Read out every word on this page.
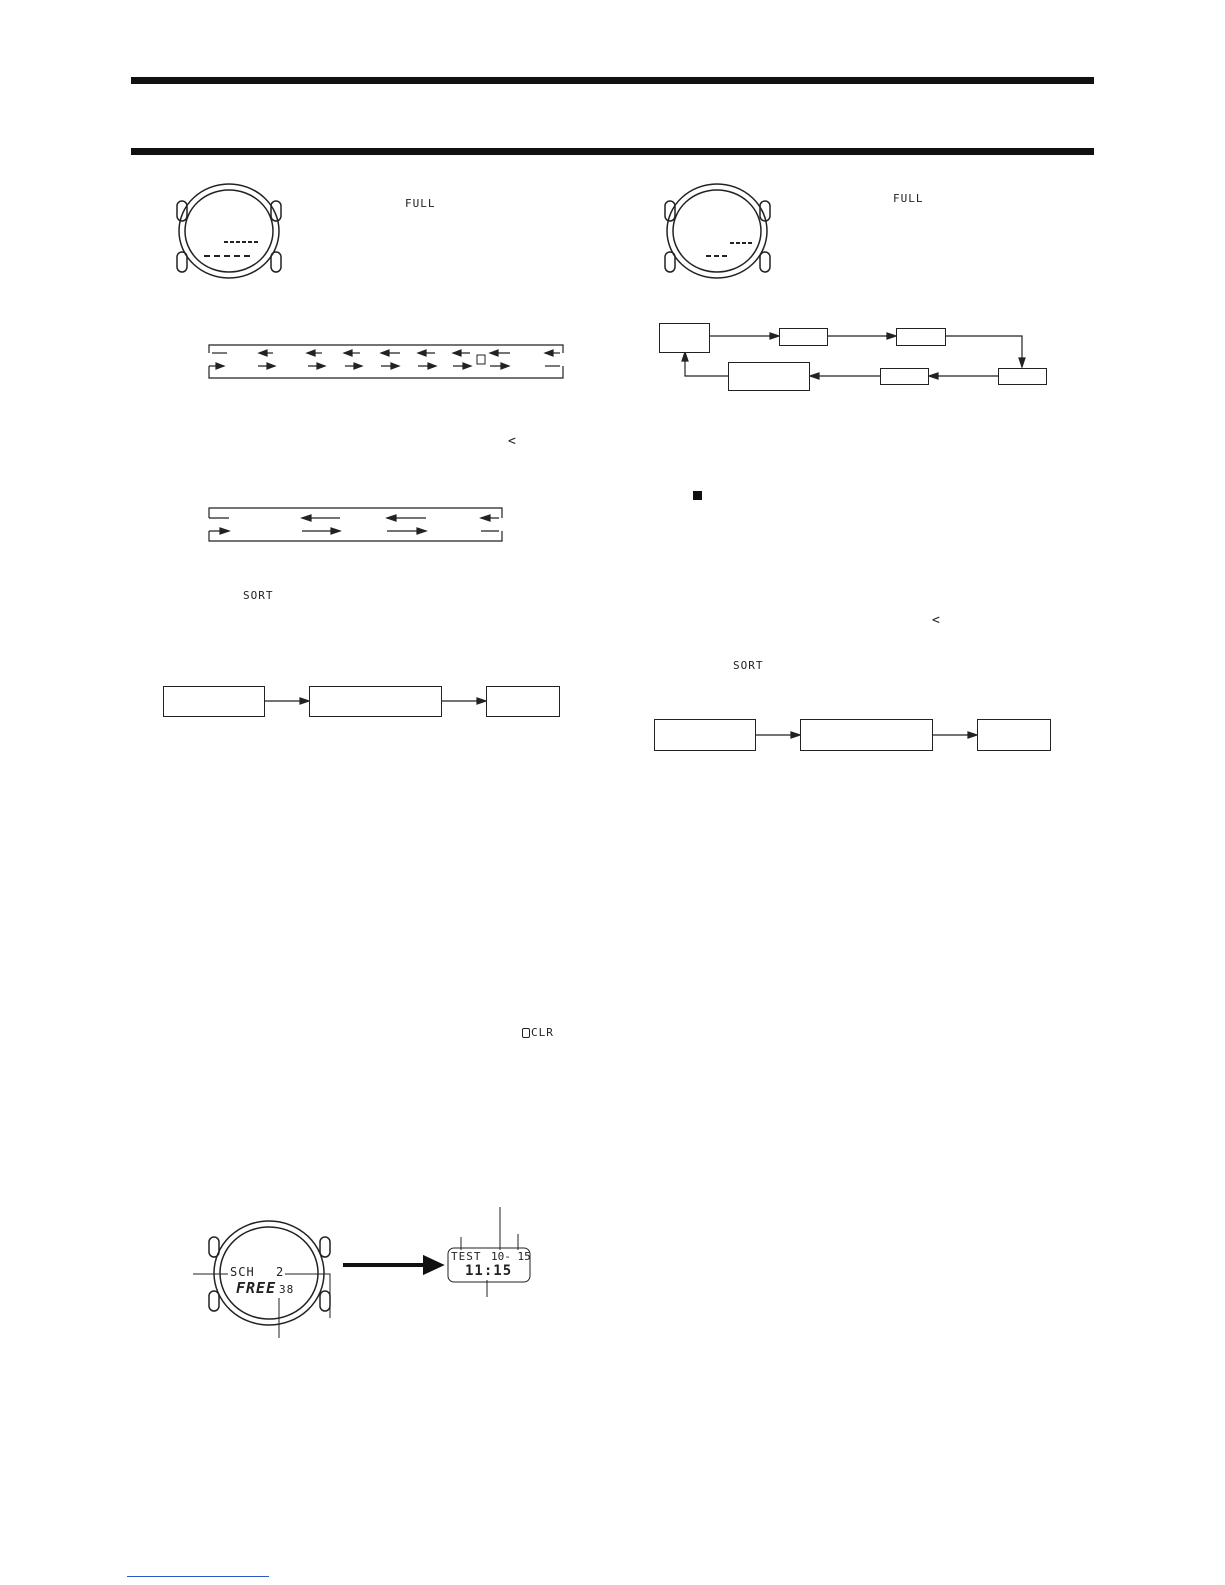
FULL	FULL
<
<
SORT
SORT
CLR
SCH 2
FREE 38
TEST 10- 15
11:15
